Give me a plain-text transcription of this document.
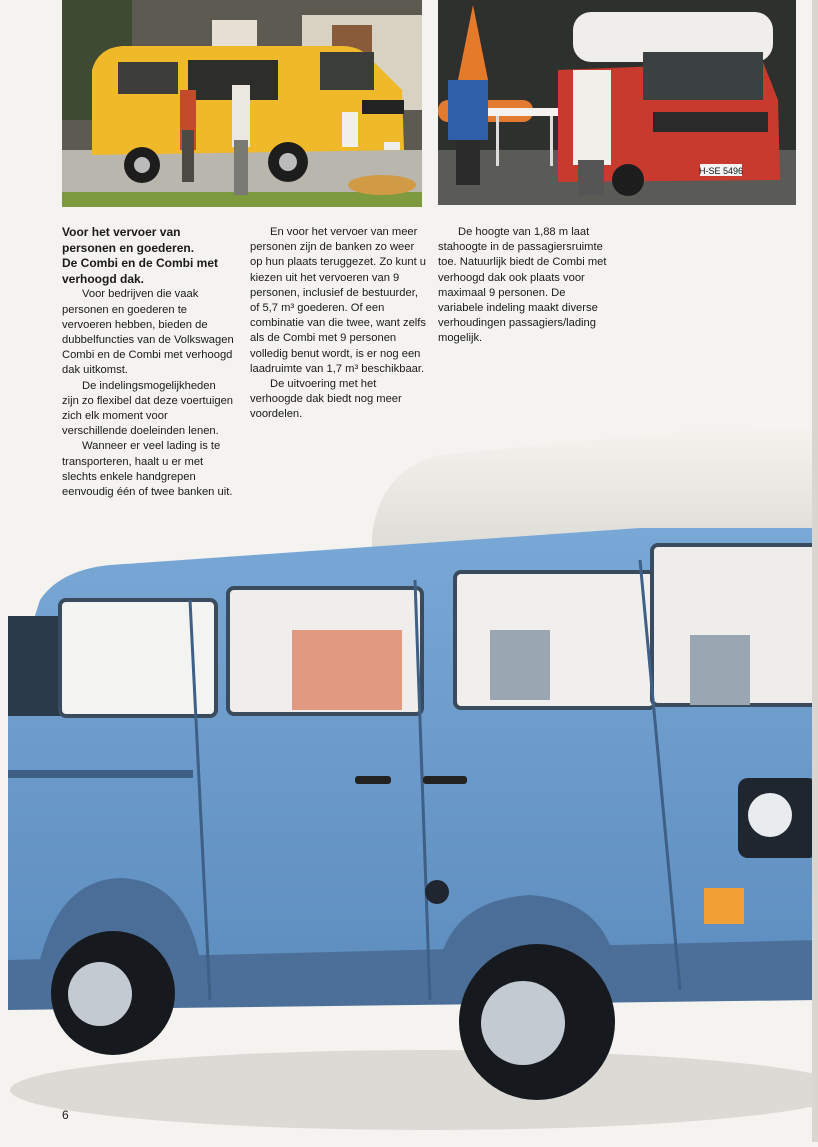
H-SE 5496

Voor het vervoer van personen en goederen.

De Combi en de Combi met verhoogd dak.

Voor bedrijven die vaak personen en goederen te vervoeren hebben, bieden de dubbelfuncties van de Volkswagen Combi en de Combi met verhoogd dak uitkomst.

De indelingsmogelijkheden zijn zo flexibel dat deze voertuigen zich elk moment voor verschillende doeleinden lenen.

Wanneer er veel lading is te transporteren, haalt u er met slechts enkele handgrepen eenvoudig één of twee banken uit.

En voor het vervoer van meer personen zijn de banken zo weer op hun plaats teruggezet. Zo kunt u kiezen uit het vervoeren van 9 personen, inclusief de bestuurder, of 5,7 m³ goederen. Of een combinatie van die twee, want zelfs als de Combi met 9 personen volledig benut wordt, is er nog een laadruimte van 1,7 m³ beschikbaar.

De uitvoering met het verhoogde dak biedt nog meer voordelen.

De hoogte van 1,88 m laat stahoogte in de passagiersruimte toe. Natuurlijk biedt de Combi met verhoogd dak ook plaats voor maximaal 9 personen. De variabele indeling maakt diverse verhoudingen passagiers/lading mogelijk.

6
